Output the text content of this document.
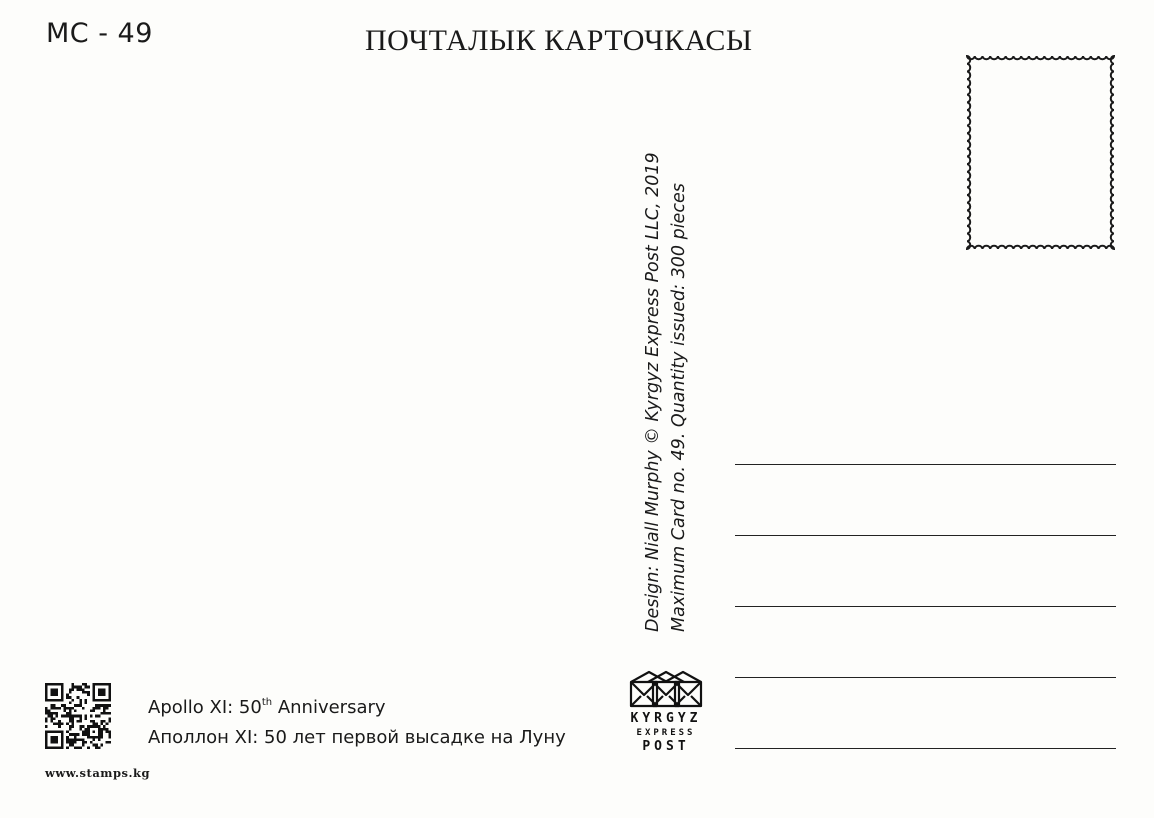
MC - 49	ПОЧТАЛЫК КАРТОЧКАСЫ
Design: Niall Murphy © Kyrgyz Express Post LLC, 2019 Maximum Card no. 49. Quantity issued: 300 pieces
www.stamps.kg
Apollo XI: 50th Anniversary
Аполлон XI: 50 лет первой высадке на Луну
KYRGYZ
EXPRESS
POST
